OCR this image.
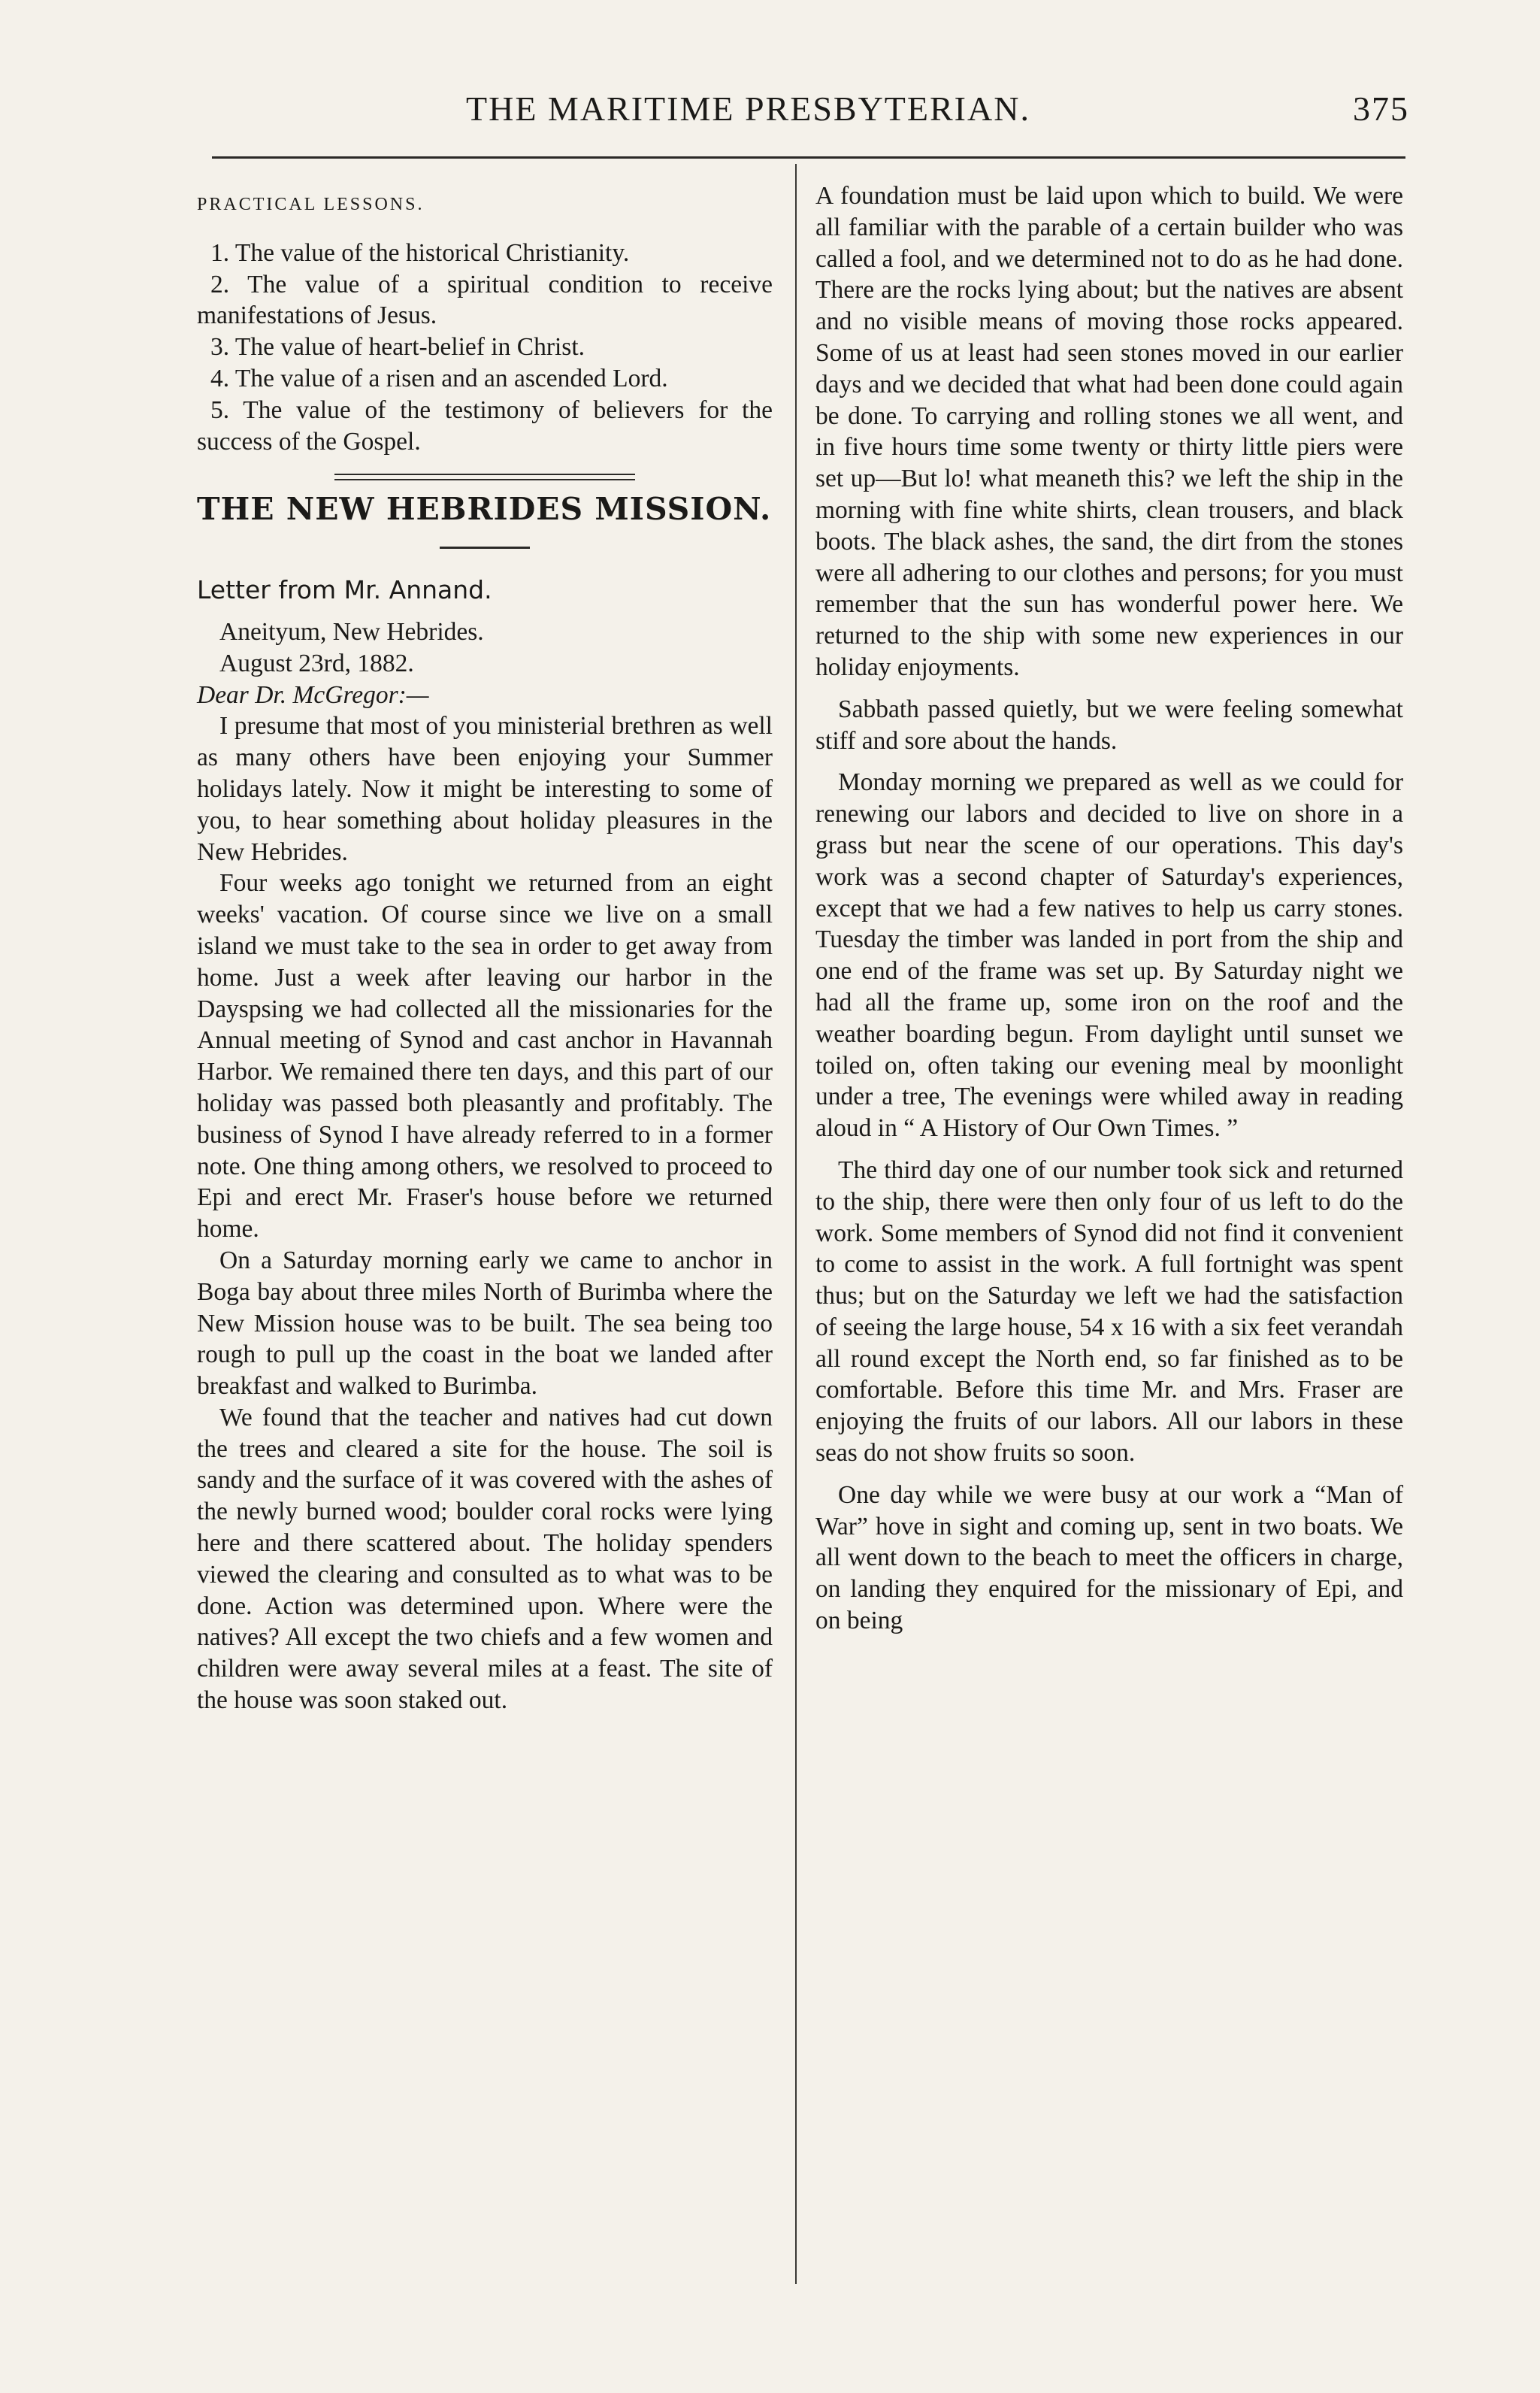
THE MARITIME PRESBYTERIAN.	375
PRACTICAL LESSONS.

1. The value of the historical Christianity.

2. The value of a spiritual condition to receive manifestations of Jesus.

3. The value of heart-belief in Christ.

4. The value of a risen and an ascended Lord.

5. The value of the testimony of believers for the success of the Gospel.

THE NEW HEBRIDES MISSION.
Letter from Mr. Annand.

Aneityum, New Hebrides.

August 23rd, 1882.

Dear Dr. McGregor:—

I presume that most of you ministerial brethren as well as many others have been enjoying your Summer holidays lately. Now it might be interesting to some of you, to hear something about holiday pleasures in the New Hebrides.

Four weeks ago tonight we returned from an eight weeks' vacation. Of course since we live on a small island we must take to the sea in order to get away from home. Just a week after leaving our harbor in the Dayspsing we had collected all the missionaries for the Annual meeting of Synod and cast anchor in Havannah Harbor. We remained there ten days, and this part of our holiday was passed both pleasantly and profitably. The business of Synod I have already referred to in a former note. One thing among others, we resolved to proceed to Epi and erect Mr. Fraser's house before we returned home.

On a Saturday morning early we came to anchor in Boga bay about three miles North of Burimba where the New Mission house was to be built. The sea being too rough to pull up the coast in the boat we landed after breakfast and walked to Burimba.

We found that the teacher and natives had cut down the trees and cleared a site for the house. The soil is sandy and the surface of it was covered with the ashes of the newly burned wood; boulder coral rocks were lying here and there scattered about. The holiday spenders viewed the clearing and consulted as to what was to be done. Action was determined upon. Where were the natives? All except the two chiefs and a few women and children were away several miles at a feast. The site of the house was soon staked out.

A foundation must be laid upon which to build. We were all familiar with the parable of a certain builder who was called a fool, and we determined not to do as he had done. There are the rocks lying about; but the natives are absent and no visible means of moving those rocks appeared. Some of us at least had seen stones moved in our earlier days and we decided that what had been done could again be done. To carrying and rolling stones we all went, and in five hours time some twenty or thirty little piers were set up—But lo! what meaneth this? we left the ship in the morning with fine white shirts, clean trousers, and black boots. The black ashes, the sand, the dirt from the stones were all adhering to our clothes and persons; for you must remember that the sun has wonderful power here. We returned to the ship with some new experiences in our holiday enjoyments.

Sabbath passed quietly, but we were feeling somewhat stiff and sore about the hands.

Monday morning we prepared as well as we could for renewing our labors and decided to live on shore in a grass but near the scene of our operations. This day's work was a second chapter of Saturday's experiences, except that we had a few natives to help us carry stones. Tuesday the timber was landed in port from the ship and one end of the frame was set up. By Saturday night we had all the frame up, some iron on the roof and the weather boarding begun. From daylight until sunset we toiled on, often taking our evening meal by moonlight under a tree, The evenings were whiled away in reading aloud in “ A History of Our Own Times. ”

The third day one of our number took sick and returned to the ship, there were then only four of us left to do the work. Some members of Synod did not find it convenient to come to assist in the work. A full fortnight was spent thus; but on the Saturday we left we had the satisfaction of seeing the large house, 54 x 16 with a six feet verandah all round except the North end, so far finished as to be comfortable. Before this time Mr. and Mrs. Fraser are enjoying the fruits of our labors. All our labors in these seas do not show fruits so soon.

One day while we were busy at our work a “Man of War” hove in sight and coming up, sent in two boats. We all went down to the beach to meet the officers in charge, on landing they enquired for the missionary of Epi, and on being
